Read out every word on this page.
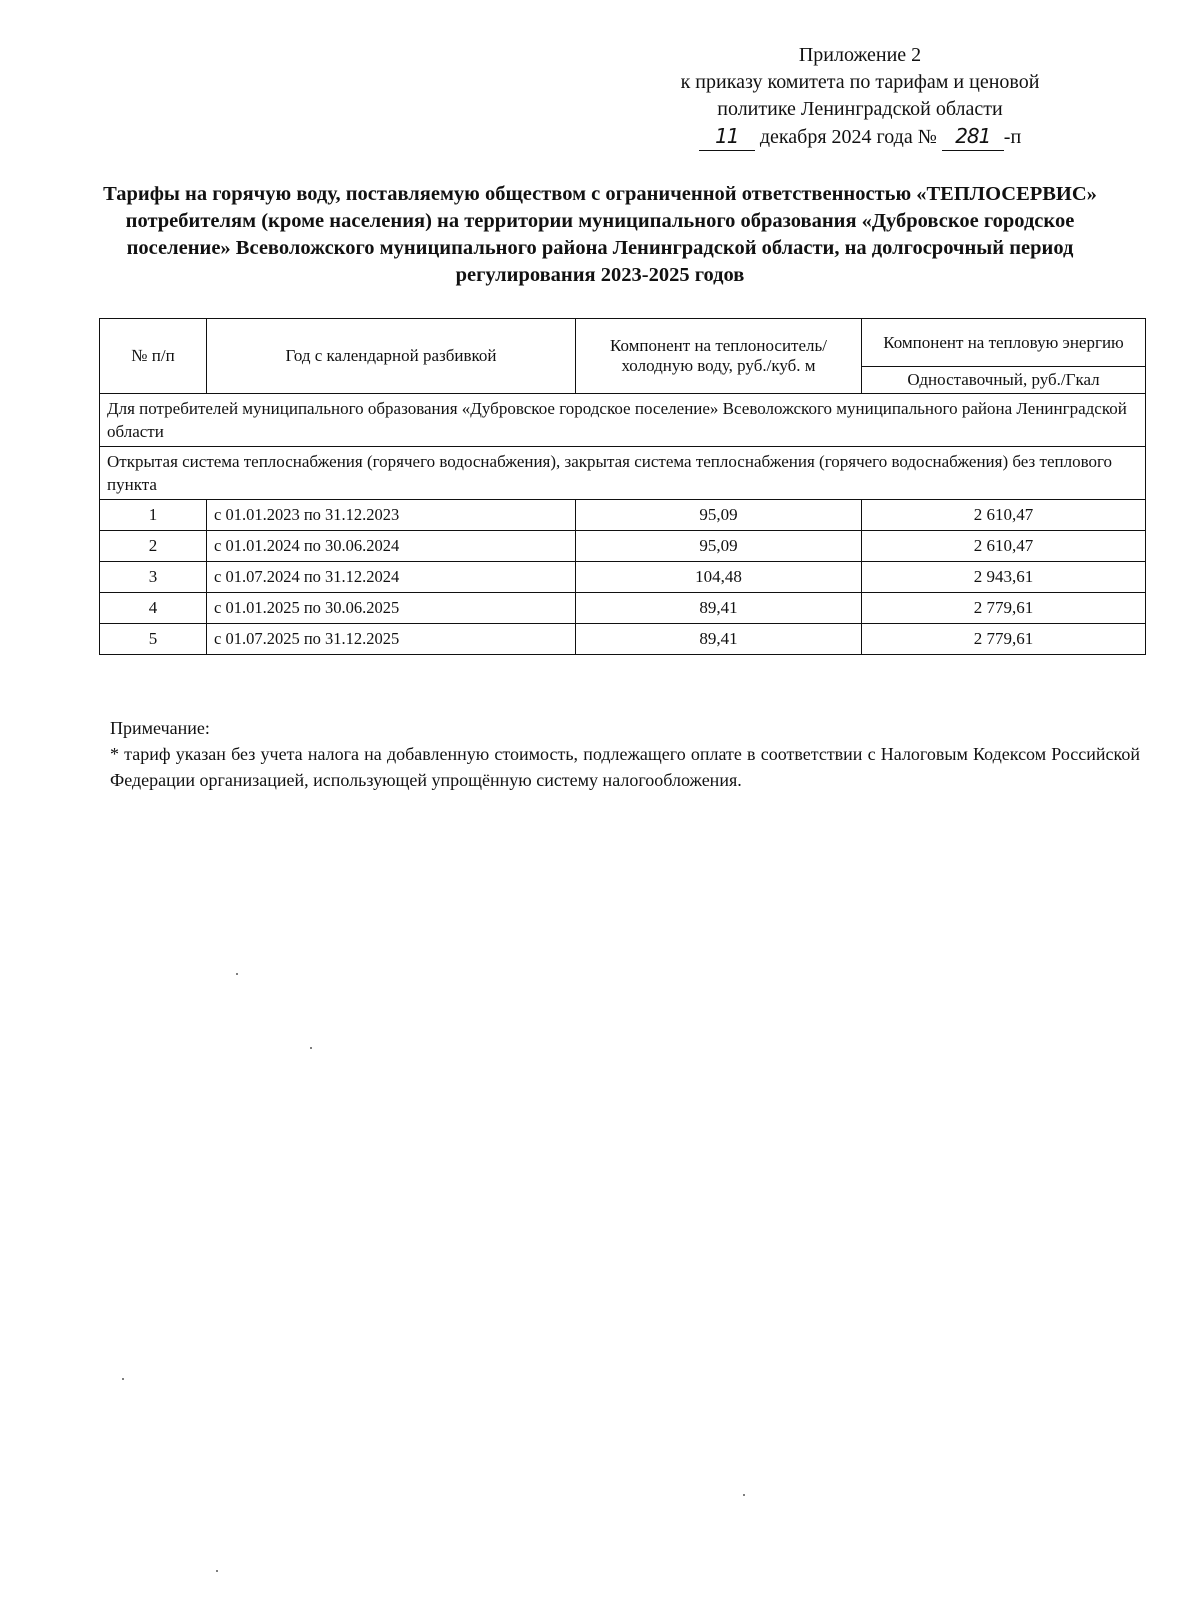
Приложение 2
к приказу комитета по тарифам и ценовой
политике Ленинградской области
11 декабря 2024 года № 281 -п
Тарифы на горячую воду, поставляемую обществом с ограниченной ответственностью «ТЕПЛОСЕРВИС» потребителям (кроме населения) на территории муниципального образования «Дубровское городское поселение» Всеволожского муниципального района Ленинградской области, на долгосрочный период регулирования 2023-2025 годов
№ п/п	Год с календарной разбивкой	Компонент на теплоноситель/ холодную воду, руб./куб. м	Компонент на тепловую энергию
			Одноставочный, руб./Гкал
Для потребителей муниципального образования «Дубровское городское поселение» Всеволожского муниципального района Ленинградской области			
Открытая система теплоснабжения (горячего водоснабжения), закрытая система теплоснабжения (горячего водоснабжения) без теплового пункта			
1	с 01.01.2023 по 31.12.2023	95,09	2 610,47
2	с 01.01.2024 по 30.06.2024	95,09	2 610,47
3	с 01.07.2024 по 31.12.2024	104,48	2 943,61
4	с 01.01.2025 по 30.06.2025	89,41	2 779,61
5	с 01.07.2025 по 31.12.2025	89,41	2 779,61
Примечание:
* тариф указан без учета налога на добавленную стоимость, подлежащего оплате в соответствии с Налоговым Кодексом Российской Федерации организацией, использующей упрощённую систему налогообложения.
